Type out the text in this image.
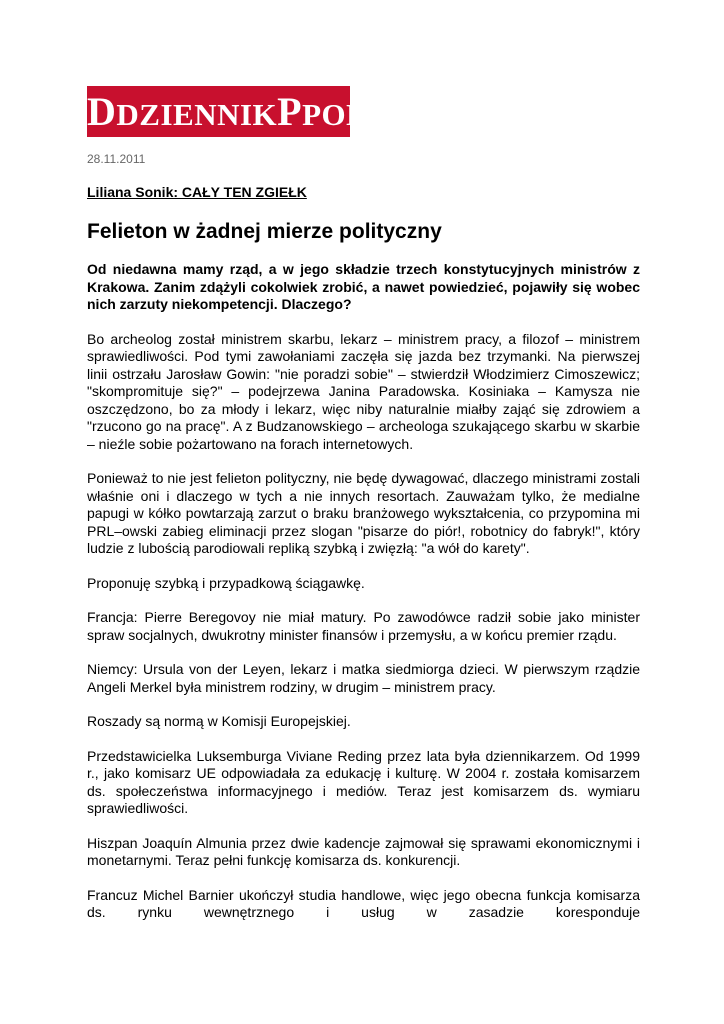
DDZIENNIKPPOLSKI
28.11.2011
Liliana Sonik: CAŁY TEN ZGIEŁK
Felieton w żadnej mierze polityczny

Od niedawna mamy rząd, a w jego składzie trzech konstytucyjnych ministrów z Krakowa. Zanim zdążyli cokolwiek zrobić, a nawet powiedzieć, pojawiły się wobec nich zarzuty niekompetencji. Dlaczego?

Bo archeolog został ministrem skarbu, lekarz – ministrem pracy, a filozof – ministrem sprawiedliwości. Pod tymi zawołaniami zaczęła się jazda bez trzymanki. Na pierwszej linii ostrzału Jarosław Gowin: "nie poradzi sobie" – stwierdził Włodzimierz Cimoszewicz; "skompromituje się?" – podejrzewa Janina Paradowska. Kosiniaka – Kamysza nie oszczędzono, bo za młody i lekarz, więc niby naturalnie miałby zająć się zdrowiem a "rzucono go na pracę". A z Budzanowskiego – archeologa szukającego skarbu w skarbie – nieźle sobie pożartowano na forach internetowych.

Ponieważ to nie jest felieton polityczny, nie będę dywagować, dlaczego ministrami zostali właśnie oni i dlaczego w tych a nie innych resortach. Zauważam tylko, że medialne papugi w kółko powtarzają zarzut o braku branżowego wykształcenia, co przypomina mi PRL–owski zabieg eliminacji przez slogan "pisarze do piór!, robotnicy do fabryk!", który ludzie z lubością parodiowali repliką szybką i zwięzłą: "a wół do karety".

Proponuję szybką i przypadkową ściągawkę.

Francja: Pierre Beregovoy nie miał matury. Po zawodówce radził sobie jako minister spraw socjalnych, dwukrotny minister finansów i przemysłu, a w końcu premier rządu.

Niemcy: Ursula von der Leyen, lekarz i matka siedmiorga dzieci. W pierwszym rządzie Angeli Merkel była ministrem rodziny, w drugim – ministrem pracy.

Roszady są normą w Komisji Europejskiej.

Przedstawicielka Luksemburga Viviane Reding przez lata była dziennikarzem. Od 1999 r., jako komisarz UE odpowiadała za edukację i kulturę. W 2004 r. została komisarzem ds. społeczeństwa informacyjnego i mediów. Teraz jest komisarzem ds. wymiaru sprawiedliwości.

Hiszpan Joaquín Almunia przez dwie kadencje zajmował się sprawami ekonomicznymi i monetarnymi. Teraz pełni funkcję komisarza ds. konkurencji.

Francuz Michel Barnier ukończył studia handlowe, więc jego obecna funkcja komisarza ds. rynku wewnętrznego i usług w zasadzie koresponduje
